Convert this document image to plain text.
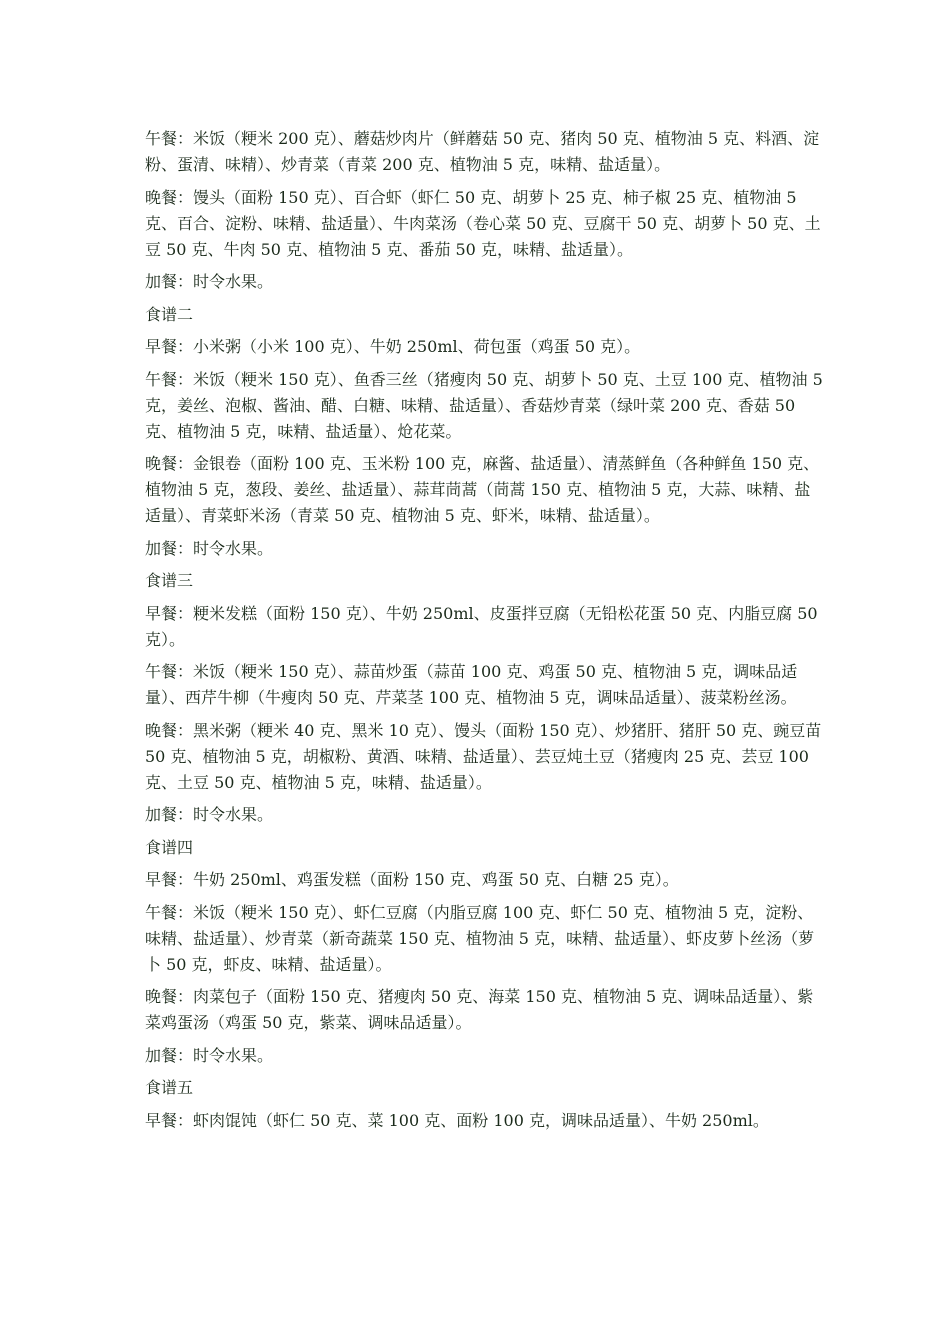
午餐：米饭（粳米 200 克）、蘑菇炒肉片（鲜蘑菇 50 克、猪肉 50 克、植物油 5 克、料酒、淀粉、蛋清、味精）、炒青菜（青菜 200 克、植物油 5 克，味精、盐适量）。

晚餐：馒头（面粉 150 克）、百合虾（虾仁 50 克、胡萝卜 25 克、柿子椒 25 克、植物油 5 克、百合、淀粉、味精、盐适量）、牛肉菜汤（卷心菜 50 克、豆腐干 50 克、胡萝卜 50 克、土豆 50 克、牛肉 50 克、植物油 5 克、番茄 50 克，味精、盐适量）。

加餐：时令水果。

食谱二

早餐：小米粥（小米 100 克）、牛奶 250ml、荷包蛋（鸡蛋 50 克）。

午餐：米饭（粳米 150 克）、鱼香三丝（猪瘦肉 50 克、胡萝卜 50 克、土豆 100 克、植物油 5 克，姜丝、泡椒、酱油、醋、白糖、味精、盐适量）、香菇炒青菜（绿叶菜 200 克、香菇 50 克、植物油 5 克，味精、盐适量）、炝花菜。

晚餐：金银卷（面粉 100 克、玉米粉 100 克，麻酱、盐适量）、清蒸鲜鱼（各种鲜鱼 150 克、植物油 5 克，葱段、姜丝、盐适量）、蒜茸茼蒿（茼蒿 150 克、植物油 5 克，大蒜、味精、盐适量）、青菜虾米汤（青菜 50 克、植物油 5 克、虾米，味精、盐适量）。

加餐：时令水果。

食谱三

早餐：粳米发糕（面粉 150 克）、牛奶 250ml、皮蛋拌豆腐（无铅松花蛋 50 克、内脂豆腐 50 克）。

午餐：米饭（粳米 150 克）、蒜苗炒蛋（蒜苗 100 克、鸡蛋 50 克、植物油 5 克，调味品适量）、西芹牛柳（牛瘦肉 50 克、芹菜茎 100 克、植物油 5 克，调味品适量）、菠菜粉丝汤。

晚餐：黑米粥（粳米 40 克、黑米 10 克）、馒头（面粉 150 克）、炒猪肝、猪肝 50 克、豌豆苗 50 克、植物油 5 克，胡椒粉、黄酒、味精、盐适量）、芸豆炖土豆（猪瘦肉 25 克、芸豆 100 克、土豆 50 克、植物油 5 克，味精、盐适量）。

加餐：时令水果。

食谱四

早餐：牛奶 250ml、鸡蛋发糕（面粉 150 克、鸡蛋 50 克、白糖 25 克）。

午餐：米饭（粳米 150 克）、虾仁豆腐（内脂豆腐 100 克、虾仁 50 克、植物油 5 克，淀粉、味精、盐适量）、炒青菜（新奇蔬菜 150 克、植物油 5 克，味精、盐适量）、虾皮萝卜丝汤（萝卜 50 克，虾皮、味精、盐适量）。

晚餐：肉菜包子（面粉 150 克、猪瘦肉 50 克、海菜 150 克、植物油 5 克、调味品适量）、紫菜鸡蛋汤（鸡蛋 50 克，紫菜、调味品适量）。

加餐：时令水果。

食谱五

早餐：虾肉馄饨（虾仁 50 克、菜 100 克、面粉 100 克，调味品适量）、牛奶 250ml。
